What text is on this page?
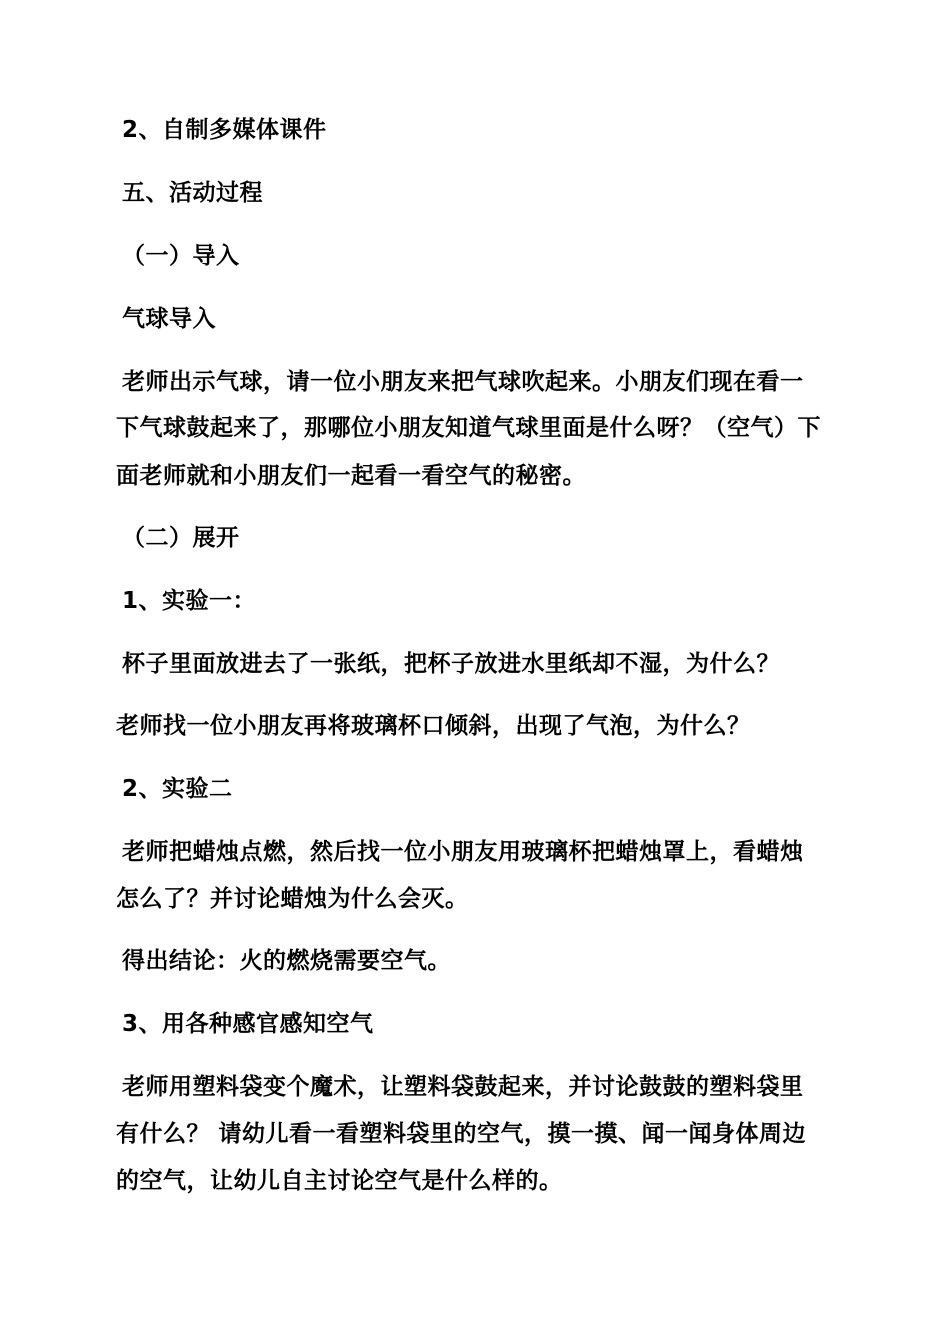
2、自制多媒体课件
五、活动过程
（一）导入
气球导入
老师出示气球，请一位小朋友来把气球吹起来。小朋友们现在看一
下气球鼓起来了，那哪位小朋友知道气球里面是什么呀？（空气）下
面老师就和小朋友们一起看一看空气的秘密。
（二）展开
1、实验一：
杯子里面放进去了一张纸，把杯子放进水里纸却不湿，为什么？
老师找一位小朋友再将玻璃杯口倾斜，出现了气泡，为什么？
2、实验二
老师把蜡烛点燃，然后找一位小朋友用玻璃杯把蜡烛罩上，看蜡烛
怎么了？并讨论蜡烛为什么会灭。
得出结论：火的燃烧需要空气。
3、用各种感官感知空气
老师用塑料袋变个魔术，让塑料袋鼓起来，并讨论鼓鼓的塑料袋里
有什么？ 请幼儿看一看塑料袋里的空气，摸一摸、闻一闻身体周边
的空气，让幼儿自主讨论空气是什么样的。
